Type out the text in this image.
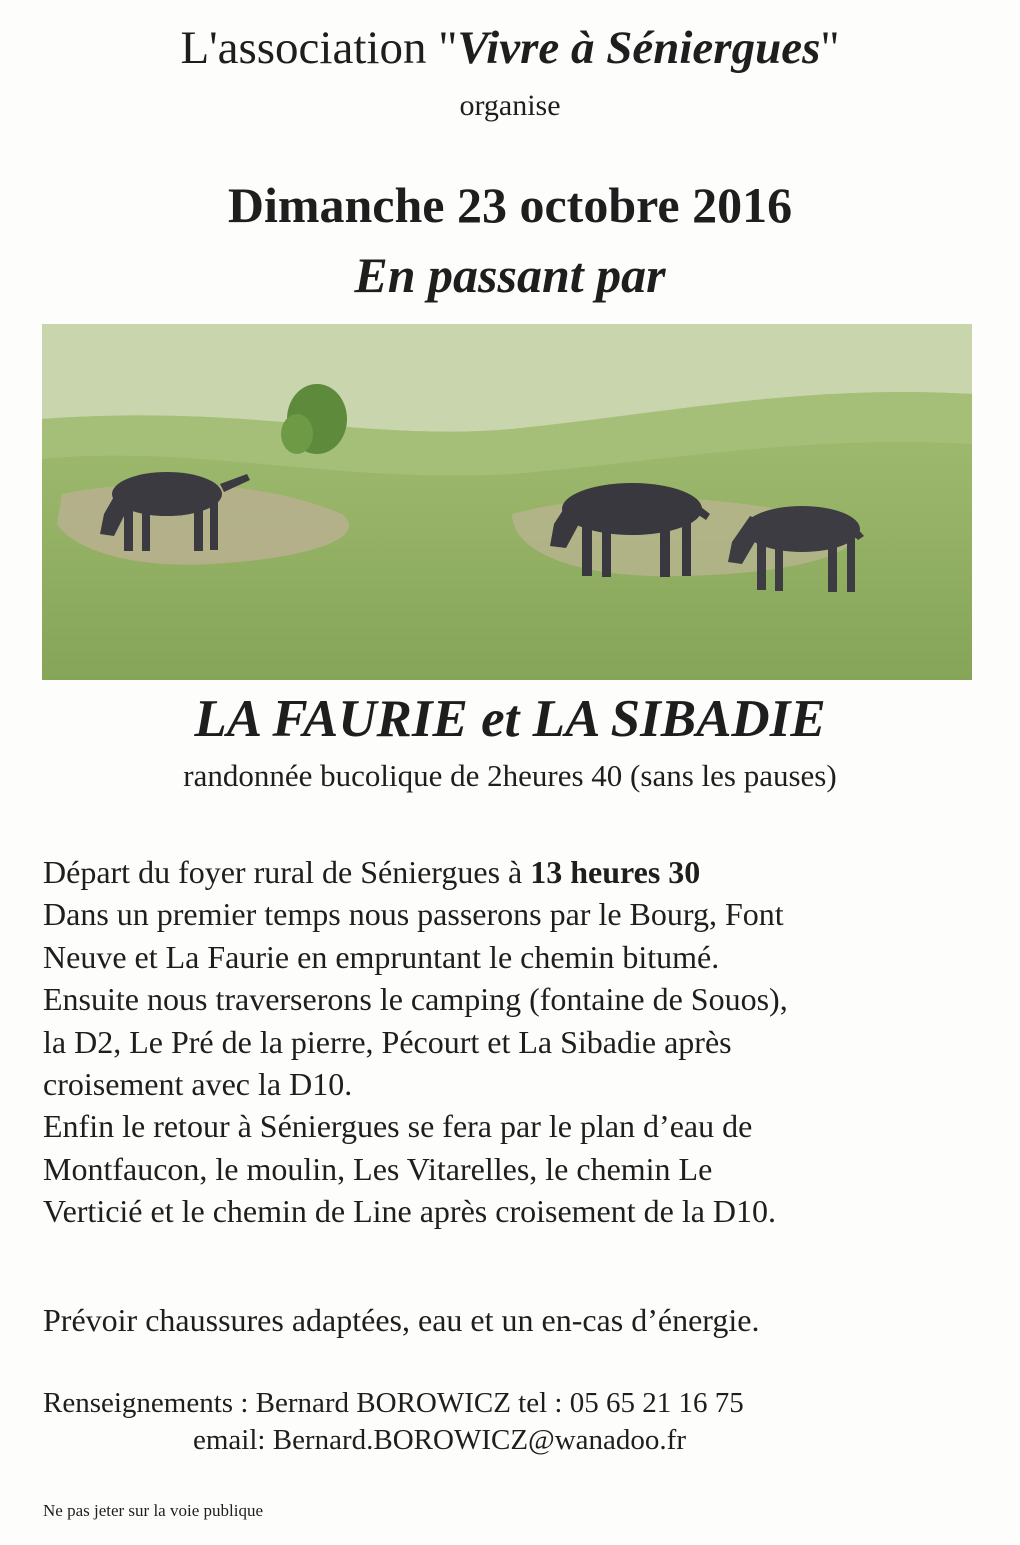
L'association "Vivre à Séniergues"
organise
Dimanche 23 octobre 2016
En passant par
LA FAURIE et LA SIBADIE
randonnée bucolique de 2heures 40 (sans les pauses)
Départ du foyer rural de Séniergues à 13 heures 30
Dans un premier temps nous passerons par le Bourg, Font
Neuve et La Faurie en empruntant le chemin bitumé.
Ensuite nous traverserons le camping (fontaine de Souos),
la D2, Le Pré de la pierre, Pécourt et La Sibadie après
croisement avec la D10.
Enfin le retour à Séniergues se fera par le plan d’eau de
Montfaucon, le moulin, Les Vitarelles, le chemin Le
Verticié et le chemin de Line après croisement de la D10.
Prévoir chaussures adaptées, eau et un en-cas d’énergie.
Renseignements : Bernard BOROWICZ tel : 05 65 21 16 75
email: Bernard.BOROWICZ@wanadoo.fr
Ne pas jeter sur la voie publique
